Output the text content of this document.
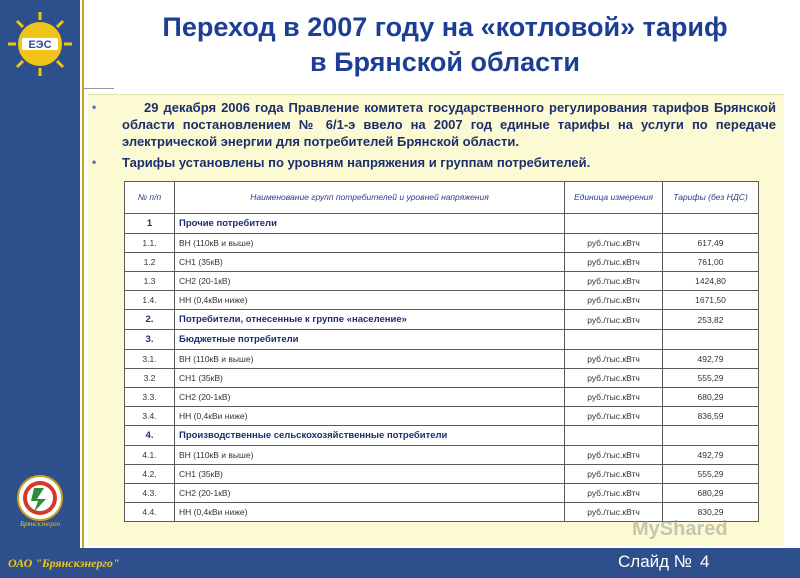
ЕЭС
Брянскэнерго
Переход в 2007 году на «котловой» тариф
в Брянской области
•	29 декабря 2006 года Правление комитета государственного регулирования тарифов Брянской области постановлением № 6/1-э ввело на 2007 год единые тарифы на услуги по передаче электрической энергии для потребителей Брянской области.
• Тарифы установлены по уровням напряжения и группам потребителей.
№ п/п	Наименование групп потребителей и уровней напряжения	Единица измерения	Тарифы (без НДС)
1	Прочие потребители		
1.1.	ВН (110кВ и выше)	руб./тыс.кВтч	617,49
1.2	СН1 (35кВ)	руб./тыс.кВтч	761,00
1.3	СН2 (20-1кВ)	руб./тыс.кВтч	1424,80
1.4.	НН (0,4кВи ниже)	руб./тыс.кВтч	1671,50
2.	Потребители, отнесенные к группе «население»	руб./тыс.кВтч	253,82
3.	Бюджетные потребители		
3.1.	ВН (110кВ и выше)	руб./тыс.кВтч	492,79
3.2	СН1 (35кВ)	руб./тыс.кВтч	555,29
3.3.	СН2 (20-1кВ)	руб./тыс.кВтч	680,29
3.4.	НН (0,4кВи ниже)	руб./тыс.кВтч	836,59
4.	Производственные сельскохозяйственные потребители		
4.1.	ВН (110кВ и выше)	руб./тыс.кВтч	492,79
4.2.	СН1 (35кВ)	руб./тыс.кВтч	555,29
4.3.	СН2 (20-1кВ)	руб./тыс.кВтч	680,29
4.4.	НН (0,4кВи ниже)	руб./тыс.кВтч	830,29
MyShared
ОАО "Брянскэнерго"	Слайд № 4
